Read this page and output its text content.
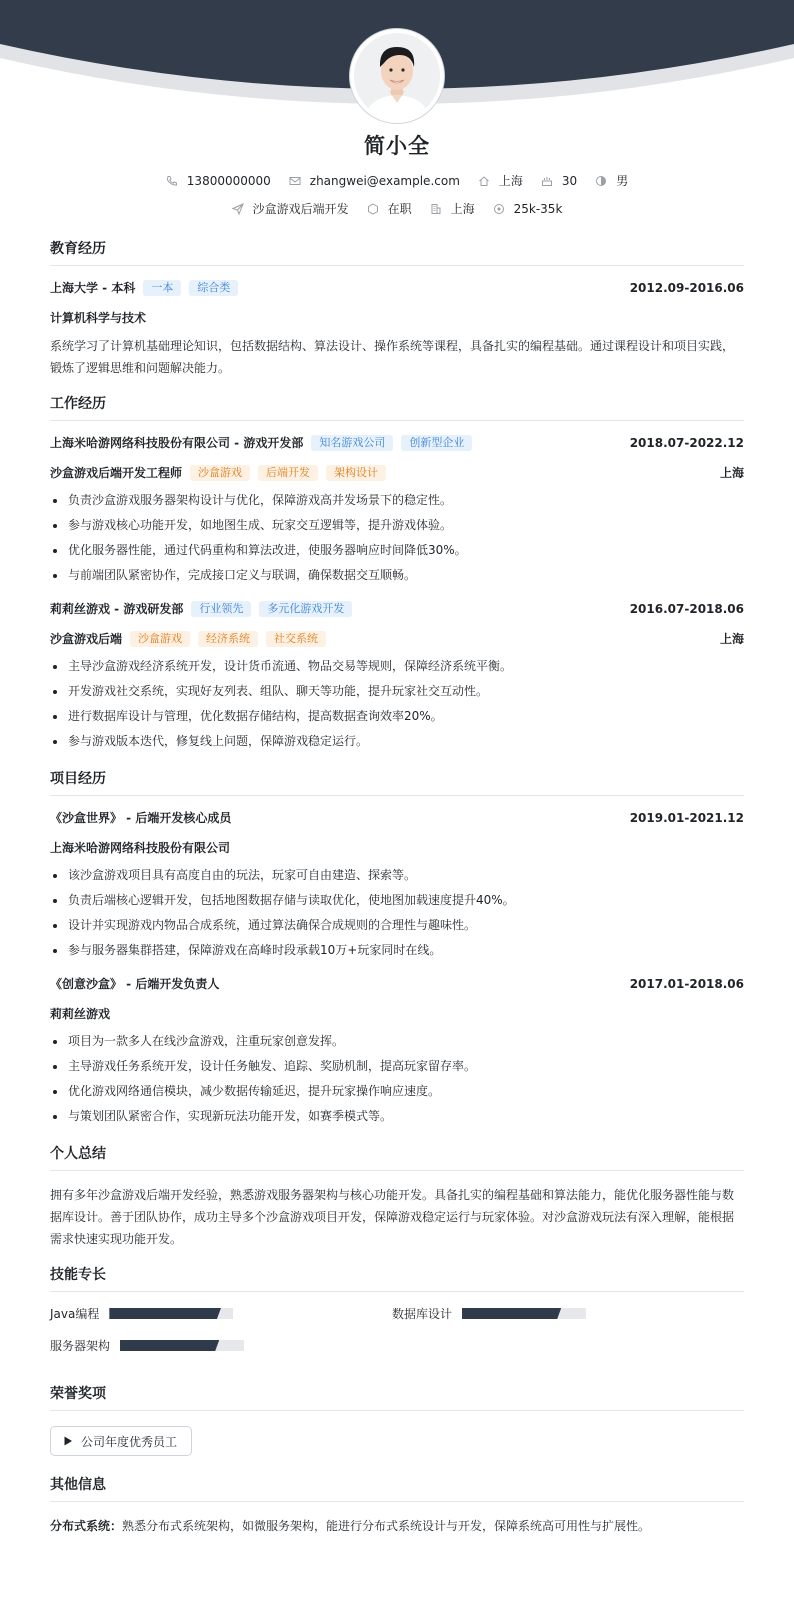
简小全
13800000000	zhangwei@example.com	上海	30	男
沙盒游戏后端开发	在职	上海	25k-35k
教育经历
上海大学 - 本科	一本	综合类	2012.09-2016.06
计算机科学与技术
系统学习了计算机基础理论知识，包括数据结构、算法设计、操作系统等课程，具备扎实的编程基础。通过课程设计和项目实践，锻炼了逻辑思维和问题解决能力。
工作经历
上海米哈游网络科技股份有限公司 - 游戏开发部	知名游戏公司	创新型企业	2018.07-2022.12
沙盒游戏后端开发工程师	沙盒游戏	后端开发	架构设计	上海
负责沙盒游戏服务器架构设计与优化，保障游戏高并发场景下的稳定性。
参与游戏核心功能开发，如地图生成、玩家交互逻辑等，提升游戏体验。
优化服务器性能，通过代码重构和算法改进，使服务器响应时间降低30%。
与前端团队紧密协作，完成接口定义与联调，确保数据交互顺畅。
莉莉丝游戏 - 游戏研发部	行业领先	多元化游戏开发	2016.07-2018.06
沙盒游戏后端	沙盒游戏	经济系统	社交系统	上海
主导沙盒游戏经济系统开发，设计货币流通、物品交易等规则，保障经济系统平衡。
开发游戏社交系统，实现好友列表、组队、聊天等功能，提升玩家社交互动性。
进行数据库设计与管理，优化数据存储结构，提高数据查询效率20%。
参与游戏版本迭代，修复线上问题，保障游戏稳定运行。
项目经历
《沙盒世界》 - 后端开发核心成员	2019.01-2021.12
上海米哈游网络科技股份有限公司
该沙盒游戏项目具有高度自由的玩法，玩家可自由建造、探索等。
负责后端核心逻辑开发，包括地图数据存储与读取优化，使地图加载速度提升40%。
设计并实现游戏内物品合成系统，通过算法确保合成规则的合理性与趣味性。
参与服务器集群搭建，保障游戏在高峰时段承载10万+玩家同时在线。
《创意沙盒》 - 后端开发负责人	2017.01-2018.06
莉莉丝游戏
项目为一款多人在线沙盒游戏，注重玩家创意发挥。
主导游戏任务系统开发，设计任务触发、追踪、奖励机制，提高玩家留存率。
优化游戏网络通信模块，减少数据传输延迟，提升玩家操作响应速度。
与策划团队紧密合作，实现新玩法功能开发，如赛季模式等。
个人总结
拥有多年沙盒游戏后端开发经验，熟悉游戏服务器架构与核心功能开发。具备扎实的编程基础和算法能力，能优化服务器性能与数据库设计。善于团队协作，成功主导多个沙盒游戏项目开发，保障游戏稳定运行与玩家体验。对沙盒游戏玩法有深入理解，能根据需求快速实现功能开发。
技能专长
Java编程	数据库设计
服务器架构
荣誉奖项
公司年度优秀员工
其他信息
分布式系统：熟悉分布式系统架构，如微服务架构，能进行分布式系统设计与开发，保障系统高可用性与扩展性。
